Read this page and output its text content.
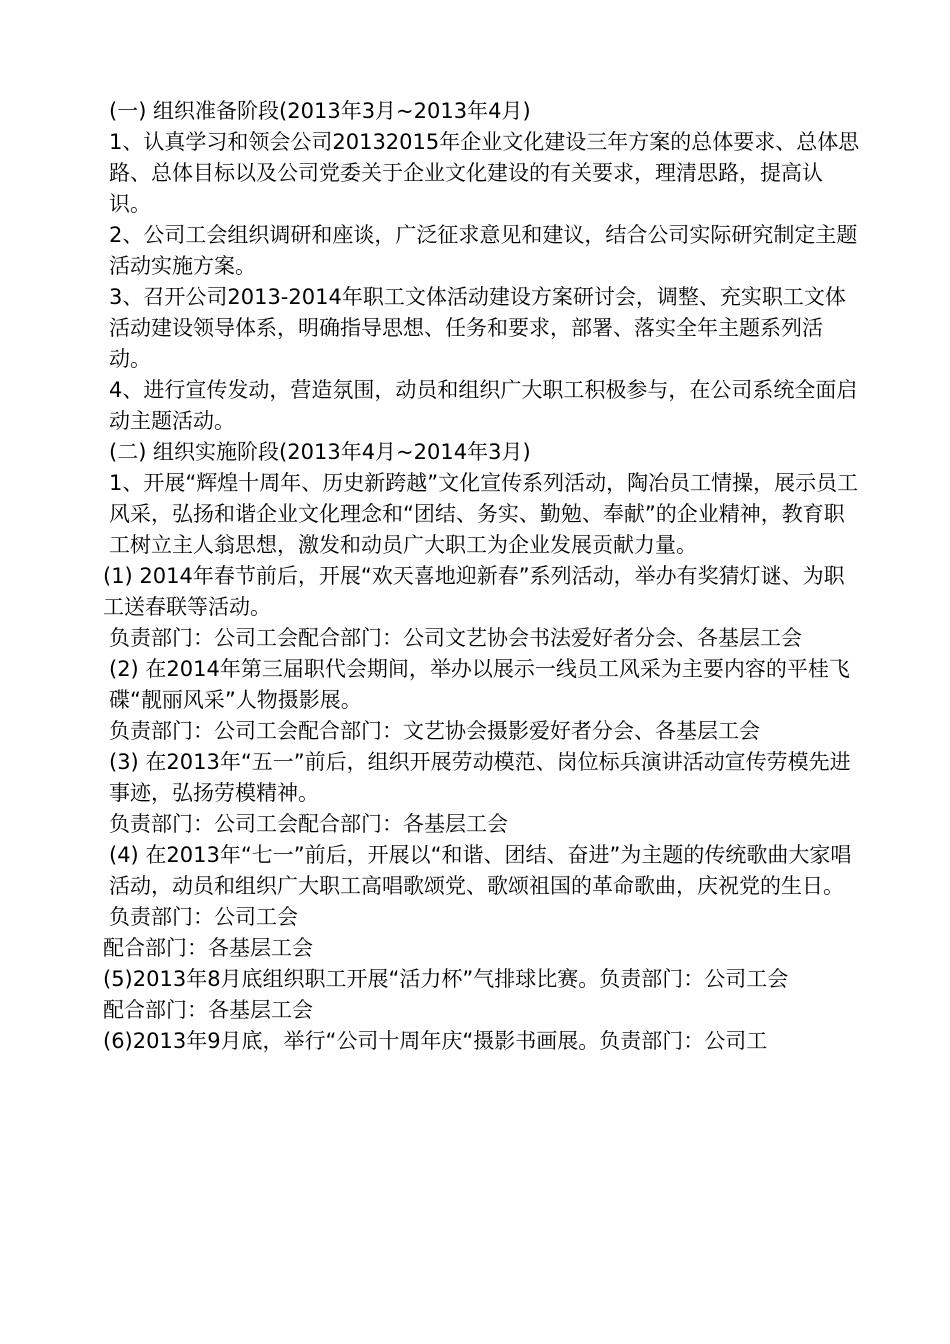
(一) 组织准备阶段(2013年3月~2013年4月)

1、认真学习和领会公司20132015年企业文化建设三年方案的总体要求、总体思路、总体目标以及公司党委关于企业文化建设的有关要求，理清思路，提高认识。

2、公司工会组织调研和座谈，广泛征求意见和建议，结合公司实际研究制定主题活动实施方案。

3、召开公司2013-2014年职工文体活动建设方案研讨会，调整、充实职工文体活动建设领导体系，明确指导思想、任务和要求，部署、落实全年主题系列活动。

4、进行宣传发动，营造氛围，动员和组织广大职工积极参与，在公司系统全面启动主题活动。

(二) 组织实施阶段(2013年4月~2014年3月)

1、开展“辉煌十周年、历史新跨越”文化宣传系列活动，陶冶员工情操，展示员工风采，弘扬和谐企业文化理念和“团结、务实、勤勉、奉献”的企业精神，教育职工树立主人翁思想，激发和动员广大职工为企业发展贡献力量。

(1) 2014年春节前后，开展“欢天喜地迎新春”系列活动，举办有奖猜灯谜、为职工送春联等活动。

负责部门：公司工会配合部门：公司文艺协会书法爱好者分会、各基层工会

(2) 在2014年第三届职代会期间，举办以展示一线员工风采为主要内容的平桂飞碟“靓丽风采”人物摄影展。

负责部门：公司工会配合部门：文艺协会摄影爱好者分会、各基层工会

(3) 在2013年“五一”前后，组织开展劳动模范、岗位标兵演讲活动宣传劳模先进事迹，弘扬劳模精神。

负责部门：公司工会配合部门：各基层工会

(4) 在2013年“七一”前后，开展以“和谐、团结、奋进”为主题的传统歌曲大家唱活动，动员和组织广大职工高唱歌颂党、歌颂祖国的革命歌曲，庆祝党的生日。

负责部门：公司工会

配合部门：各基层工会

(5)2013年8月底组织职工开展“活力杯”气排球比赛。负责部门：公司工会

配合部门：各基层工会

(6)2013年9月底，举行“公司十周年庆“摄影书画展。负责部门：公司工
